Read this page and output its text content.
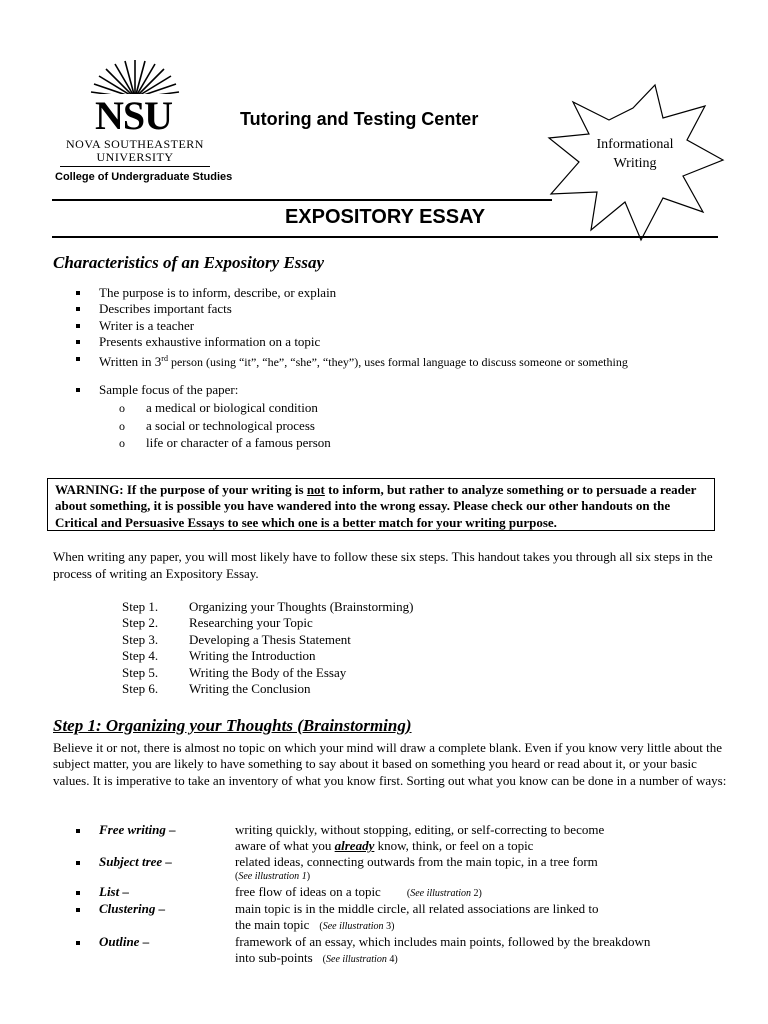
NSU
NOVA SOUTHEASTERN
UNIVERSITY
College of Undergraduate Studies
Tutoring and Testing Center
Informational
Writing
EXPOSITORY ESSAY
Characteristics of an Expository Essay
The purpose is to inform, describe, or explain
Describes important facts
Writer is a teacher
Presents exhaustive information on a topic
Written in 3rd person (using “it”, “he”, “she”, “they”), uses formal language to discuss someone or something
Sample focus of the paper:
o a medical or biological condition
o a social or technological process
o life or character of a famous person
WARNING: If the purpose of your writing is not to inform, but rather to analyze something or to persuade a reader about something, it is possible you have wandered into the wrong essay. Please check our other handouts on the Critical and Persuasive Essays to see which one is a better match for your writing purpose.
When writing any paper, you will most likely have to follow these six steps. This handout takes you through all six steps in the process of writing an Expository Essay.
Step 1. Organizing your Thoughts (Brainstorming)
Step 2. Researching your Topic
Step 3. Developing a Thesis Statement
Step 4. Writing the Introduction
Step 5. Writing the Body of the Essay
Step 6. Writing the Conclusion
Step 1: Organizing your Thoughts (Brainstorming)
Believe it or not, there is almost no topic on which your mind will draw a complete blank. Even if you know very little about the subject matter, you are likely to have something to say about it based on something you heard or read about it, or your basic values. It is imperative to take an inventory of what you know first. Sorting out what you know can be done in a number of ways:
Free writing –	writing quickly, without stopping, editing, or self-correcting to become
aware of what you already know, think, or feel on a topic
Subject tree –	related ideas, connecting outwards from the main topic, in a tree form
(See illustration 1)
List –	free flow of ideas on a topic	(See illustration 2)
Clustering –	main topic is in the middle circle, all related associations are linked to
the main topic (See illustration 3)
Outline –	framework of an essay, which includes main points, followed by the breakdown
into sub-points (See illustration 4)
